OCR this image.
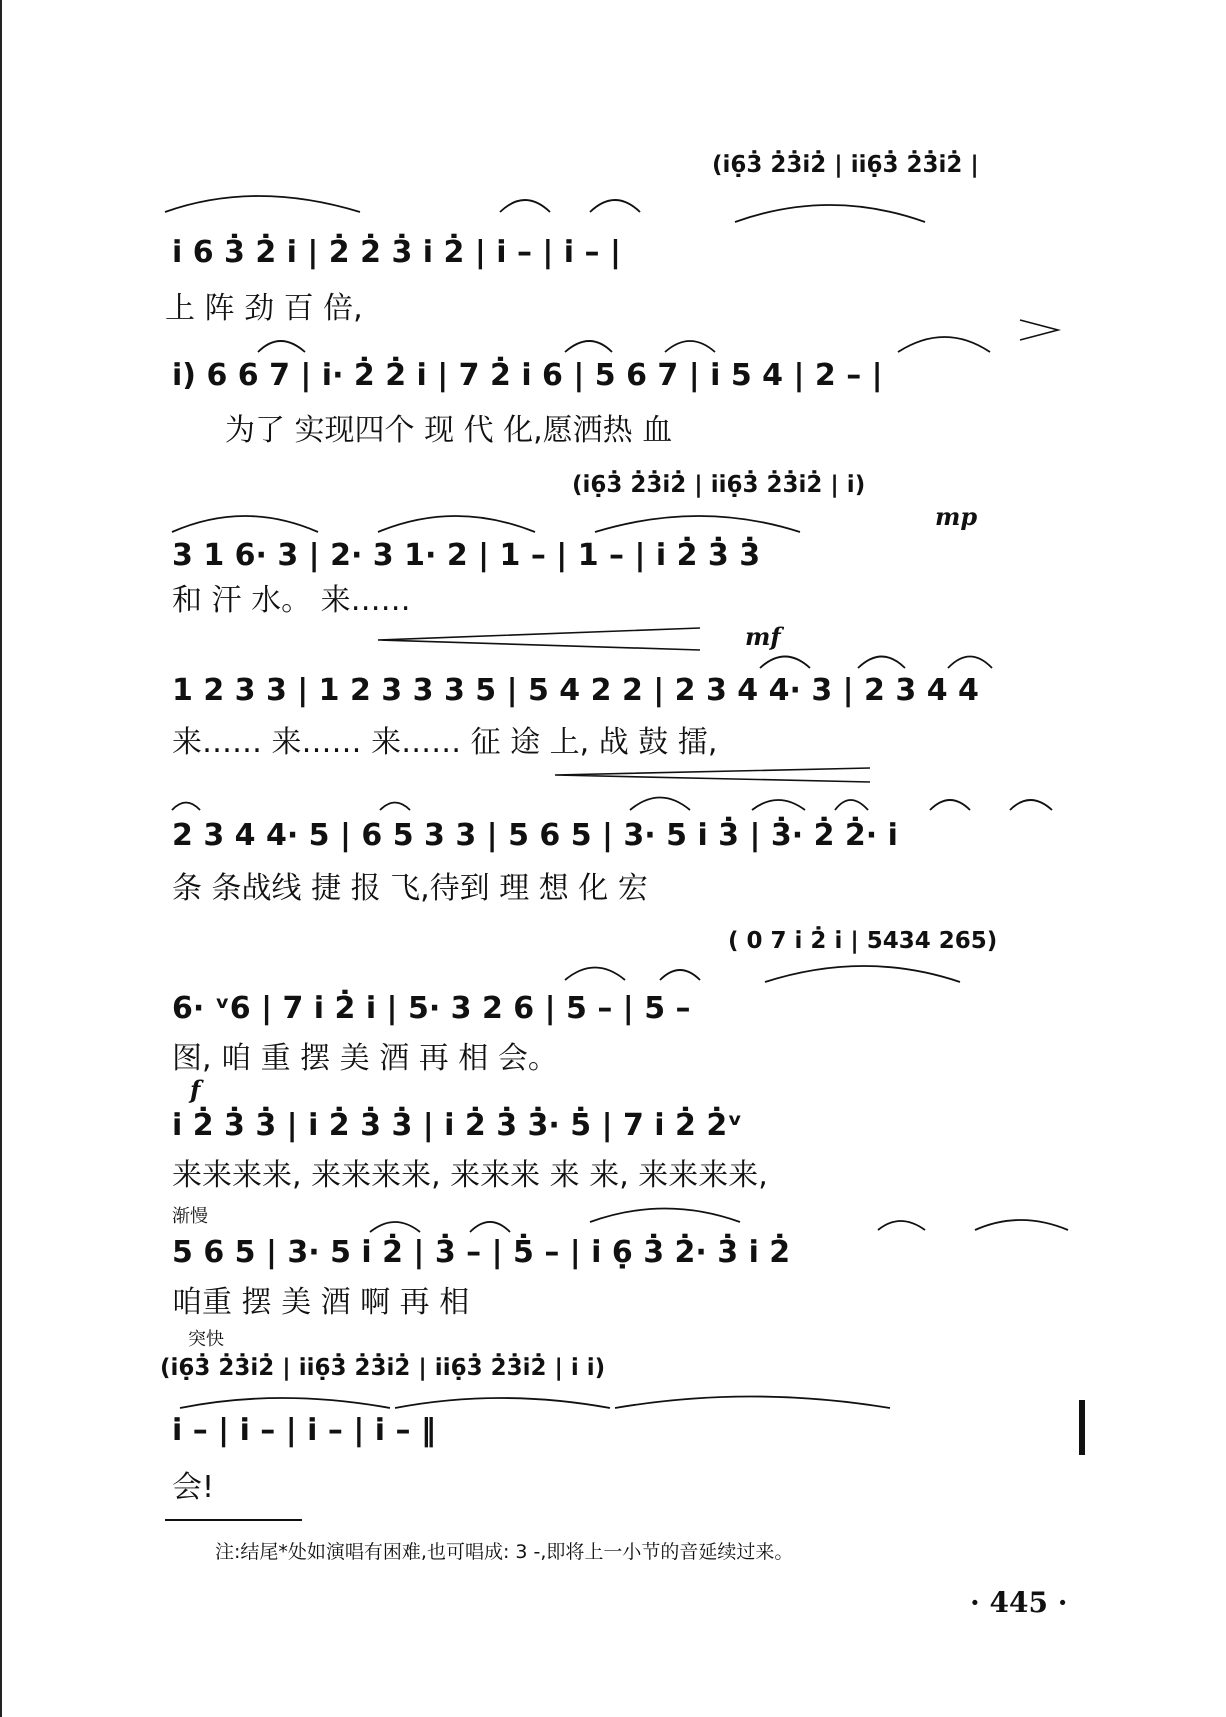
(i̇6̣3̇ 2̇3̇i̇2̇ | i̇i̇6̣3̇ 2̇3̇i̇2̇ |
i̇ 6 3̇ 2̇ i̇ | 2̇ 2̇ 3̇ i̇ 2̇ | i̇ – | i̇ – |
上 阵 劲 百 倍,
i̇) 6 6 7 | i̇· 2̇ 2̇ i̇ | 7 2̇ i̇ 6 | 5 6 7 | i̇ 5 4 | 2 – |
为了 实现四个 现 代 化,愿洒热 血
(i̇6̣3̇ 2̇3̇i̇2̇ | i̇i̇6̣3̇ 2̇3̇i̇2̇ | i̇)
mp
3 1 6· 3 | 2· 3 1· 2 | 1 – | 1 – | i̇ 2̇ 3̇ 3̇
和 汗 水。 来……
mf
1 2 3 3 | 1 2 3 3 3 5 | 5 4 2 2 | 2 3 4 4· 3 | 2 3 4 4
来…… 来…… 来…… 征 途 上, 战 鼓 擂,
2 3 4 4· 5 | 6 5 3 3 | 5 6 5 | 3· 5 i̇ 3̇ | 3̇· 2̇ 2̇· i̇
条 条战线 捷 报 飞,待到 理 想 化 宏
( 0 7 i̇ 2̇ i̇ | 5434 265)
6· ᵛ6 | 7 i̇ 2̇ i̇ | 5· 3 2 6 | 5 – | 5 –
图, 咱 重 摆 美 酒 再 相 会。
f
i̇ 2̇ 3̇ 3̇ | i̇ 2̇ 3̇ 3̇ | i̇ 2̇ 3̇ 3̇· 5̇ | 7 i̇ 2̇ 2̇ᵛ
来来来来, 来来来来, 来来来 来 来, 来来来来,
渐慢
5 6 5 | 3· 5 i̇ 2̇ | 3̇ – | 5̇ – | i̇ 6̣ 3̇ 2̇· 3̇ i̇ 2̇
咱重 摆 美 酒 啊 再 相
突快
(i̇6̣3̇ 2̇3̇i̇2̇ | i̇i̇6̣3̇ 2̇3̇i̇2̇ | i̇i̇6̣3̇ 2̇3̇i̇2̇ | i̇ i̇)
i̇ – | i̇ – | i̇ – | i̇ – ‖
会!
注:结尾*处如演唱有困难,也可唱成: 3 -,即将上一小节的音延续过来。
· 445 ·
